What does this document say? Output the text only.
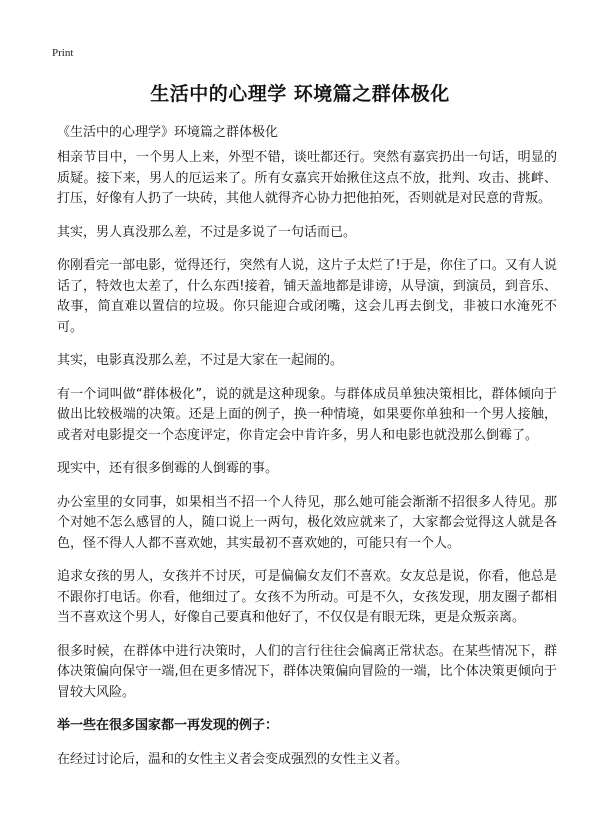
Print
生活中的心理学 环境篇之群体极化
《生活中的心理学》环境篇之群体极化

相亲节目中，一个男人上来，外型不错，谈吐都还行。突然有嘉宾扔出一句话，明显的质疑。接下来，男人的厄运来了。所有女嘉宾开始揪住这点不放，批判、攻击、挑衅、打压，好像有人扔了一块砖，其他人就得齐心协力把他拍死，否则就是对民意的背叛。

其实，男人真没那么差，不过是多说了一句话而已。

你刚看完一部电影，觉得还行，突然有人说，这片子太烂了!于是，你住了口。又有人说话了，特效也太差了，什么东西!接着，铺天盖地都是诽谤，从导演，到演员，到音乐、故事，简直难以置信的垃圾。你只能迎合或闭嘴，这会儿再去倒戈，非被口水淹死不可。

其实，电影真没那么差，不过是大家在一起闹的。

有一个词叫做“群体极化”，说的就是这种现象。与群体成员单独决策相比，群体倾向于做出比较极端的决策。还是上面的例子，换一种情境，如果要你单独和一个男人接触，或者对电影提交一个态度评定，你肯定会中肯许多，男人和电影也就没那么倒霉了。

现实中，还有很多倒霉的人倒霉的事。

办公室里的女同事，如果相当不招一个人待见，那么她可能会渐渐不招很多人待见。那个对她不怎么感冒的人，随口说上一两句，极化效应就来了，大家都会觉得这人就是各色，怪不得人人都不喜欢她，其实最初不喜欢她的，可能只有一个人。

追求女孩的男人，女孩并不讨厌，可是偏偏女友们不喜欢。女友总是说，你看，他总是不跟你打电话。你看，他细过了。女孩不为所动。可是不久，女孩发现，朋友圈子都相当不喜欢这个男人，好像自己要真和他好了，不仅仅是有眼无珠，更是众叛亲离。

很多时候，在群体中进行决策时，人们的言行往往会偏离正常状态。在某些情况下，群体决策偏向保守一端,但在更多情况下，群体决策偏向冒险的一端，比个体决策更倾向于冒较大风险。

举一些在很多国家都一再发现的例子：

在经过讨论后，温和的女性主义者会变成强烈的女性主义者。
